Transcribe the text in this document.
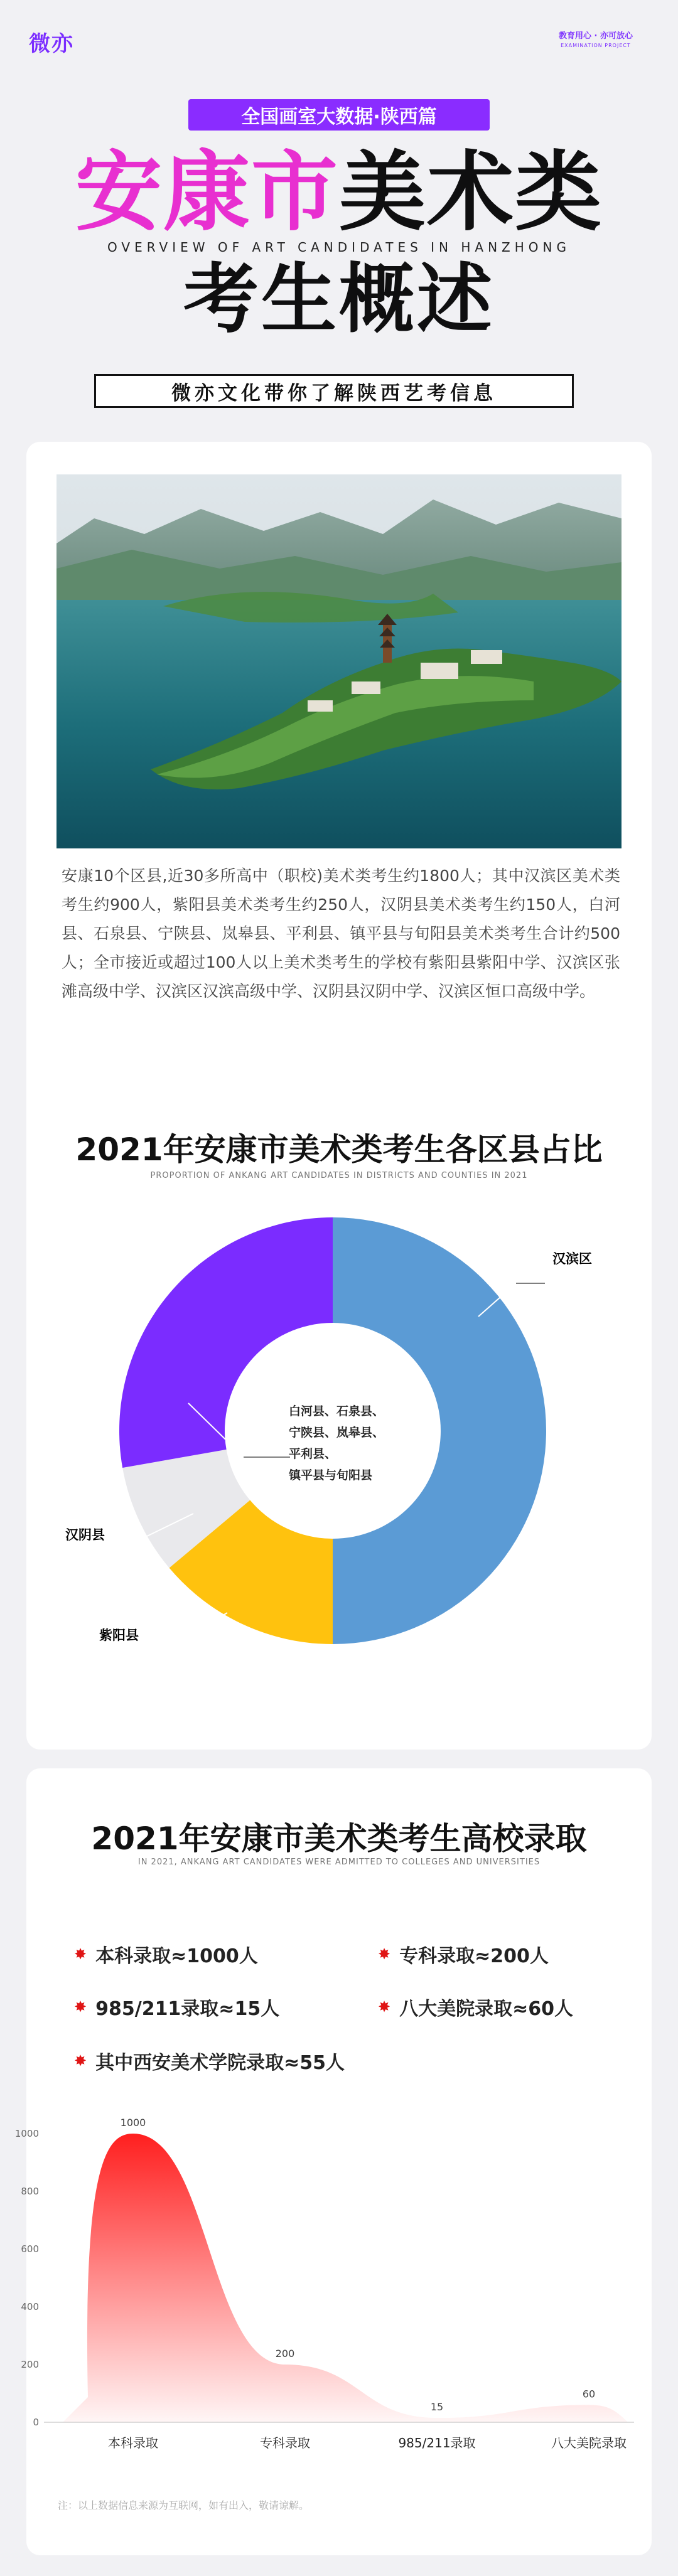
微亦	教育用心 · 亦可放心
EXAMINATION PROJECT
全国画室大数据·陕西篇
安康市美术类
OVERVIEW OF ART CANDIDATES IN HANZHONG
考生概述
微亦文化带你了解陕西艺考信息
安康10个区县,近30多所高中（职校)美术类考生约1800人；其中汉滨区美术类考生约900人，紫阳县美术类考生约250人，汉阴县美术类考生约150人，白河县、石泉县、宁陕县、岚皋县、平利县、镇平县与旬阳县美术类考生合计约500人；全市接近或超过100人以上美术类考生的学校有紫阳县紫阳中学、汉滨区张滩高级中学、汉滨区汉滨高级中学、汉阴县汉阴中学、汉滨区恒口高级中学。
2021年安康市美术类考生各区县占比
PROPORTION OF ANKANG ART CANDIDATES IN DISTRICTS AND COUNTIES IN 2021
汉滨区
汉阴县
紫阳县
白河县、石泉县、
宁陕县、岚皋县、
平利县、
镇平县与旬阳县
2021年安康市美术类考生高校录取
IN 2021, ANKANG ART CANDIDATES WERE ADMITTED TO COLLEGES AND UNIVERSITIES
✸ 本科录取≈1000人	✸ 专科录取≈200人
✸ 985/211录取≈15人	✸ 八大美院录取≈60人
✸ 其中西安美术学院录取≈55人
0
200
400
600
800
1000
1000
200
15
60
本科录取	专科录取	985/211录取	八大美院录取
注：以上数据信息来源为互联网，如有出入，敬请谅解。
